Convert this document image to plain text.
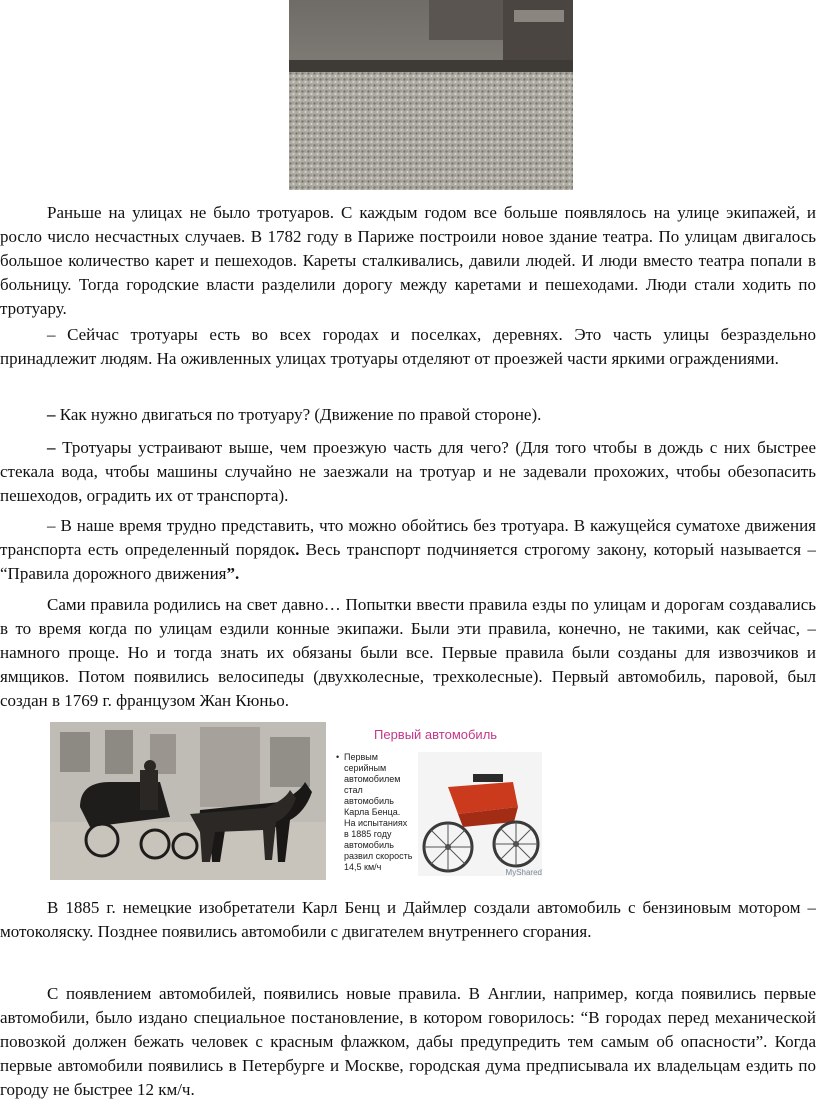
Раньше на улицах не было тротуаров. С каждым годом все больше появлялось на улице экипажей, и росло число несчастных случаев. В 1782 году в Париже построили новое здание театра. По улицам двигалось большое количество карет и пешеходов. Кареты сталкивались, давили людей. И люди вместо театра попали в больницу. Тогда городские власти разделили дорогу между каретами и пешеходами. Люди стали ходить по тротуару.

– Сейчас тротуары есть во всех городах и поселках, деревнях. Это часть улицы безраздельно принадлежит людям. На оживленных улицах тротуары отделяют от проезжей части яркими ограждениями.

– Как нужно двигаться по тротуару? (Движение по правой стороне).

– Тротуары устраивают выше, чем проезжую часть для чего? (Для того чтобы в дождь с них быстрее стекала вода, чтобы машины случайно не заезжали на тротуар и не задевали прохожих, чтобы обезопасить пешеходов, оградить их от транспорта).

– В наше время трудно представить, что можно обойтись без тротуара. В кажущейся суматохе движения транспорта есть определенный порядок. Весь транспорт подчиняется строгому закону, который называется – “Правила дорожного движения”.

Сами правила родились на свет давно… Попытки ввести правила езды по улицам и дорогам создавались в то время когда по улицам ездили конные экипажи. Были эти правила, конечно, не такими, как сейчас, – намного проще. Но и тогда знать их обязаны были все. Первые правила были созданы для извозчиков и ямщиков. Потом появились велосипеды (двухколесные, трехколесные). Первый автомобиль, паровой, был создан в 1769 г. французом Жан Кюньо.

Первый автомобиль
• Первым серийным автомобилем стал автомобиль Карла Бенца. На испытаниях в 1885 году автомобиль развил скорость 14,5 км/ч
MyShared

В 1885 г. немецкие изобретатели Карл Бенц и Даймлер создали автомобиль с бензиновым мотором – мотоколяску. Позднее появились автомобили с двигателем внутреннего сгорания.

С появлением автомобилей, появились новые правила. В Англии, например, когда появились первые автомобили, было издано специальное постановление, в котором говорилось: “В городах перед механической повозкой должен бежать человек с красным флажком, дабы предупредить тем самым об опасности”. Когда первые автомобили появились в Петербурге и Москве, городская дума предписывала их владельцам ездить по городу не быстрее 12 км/ч.
